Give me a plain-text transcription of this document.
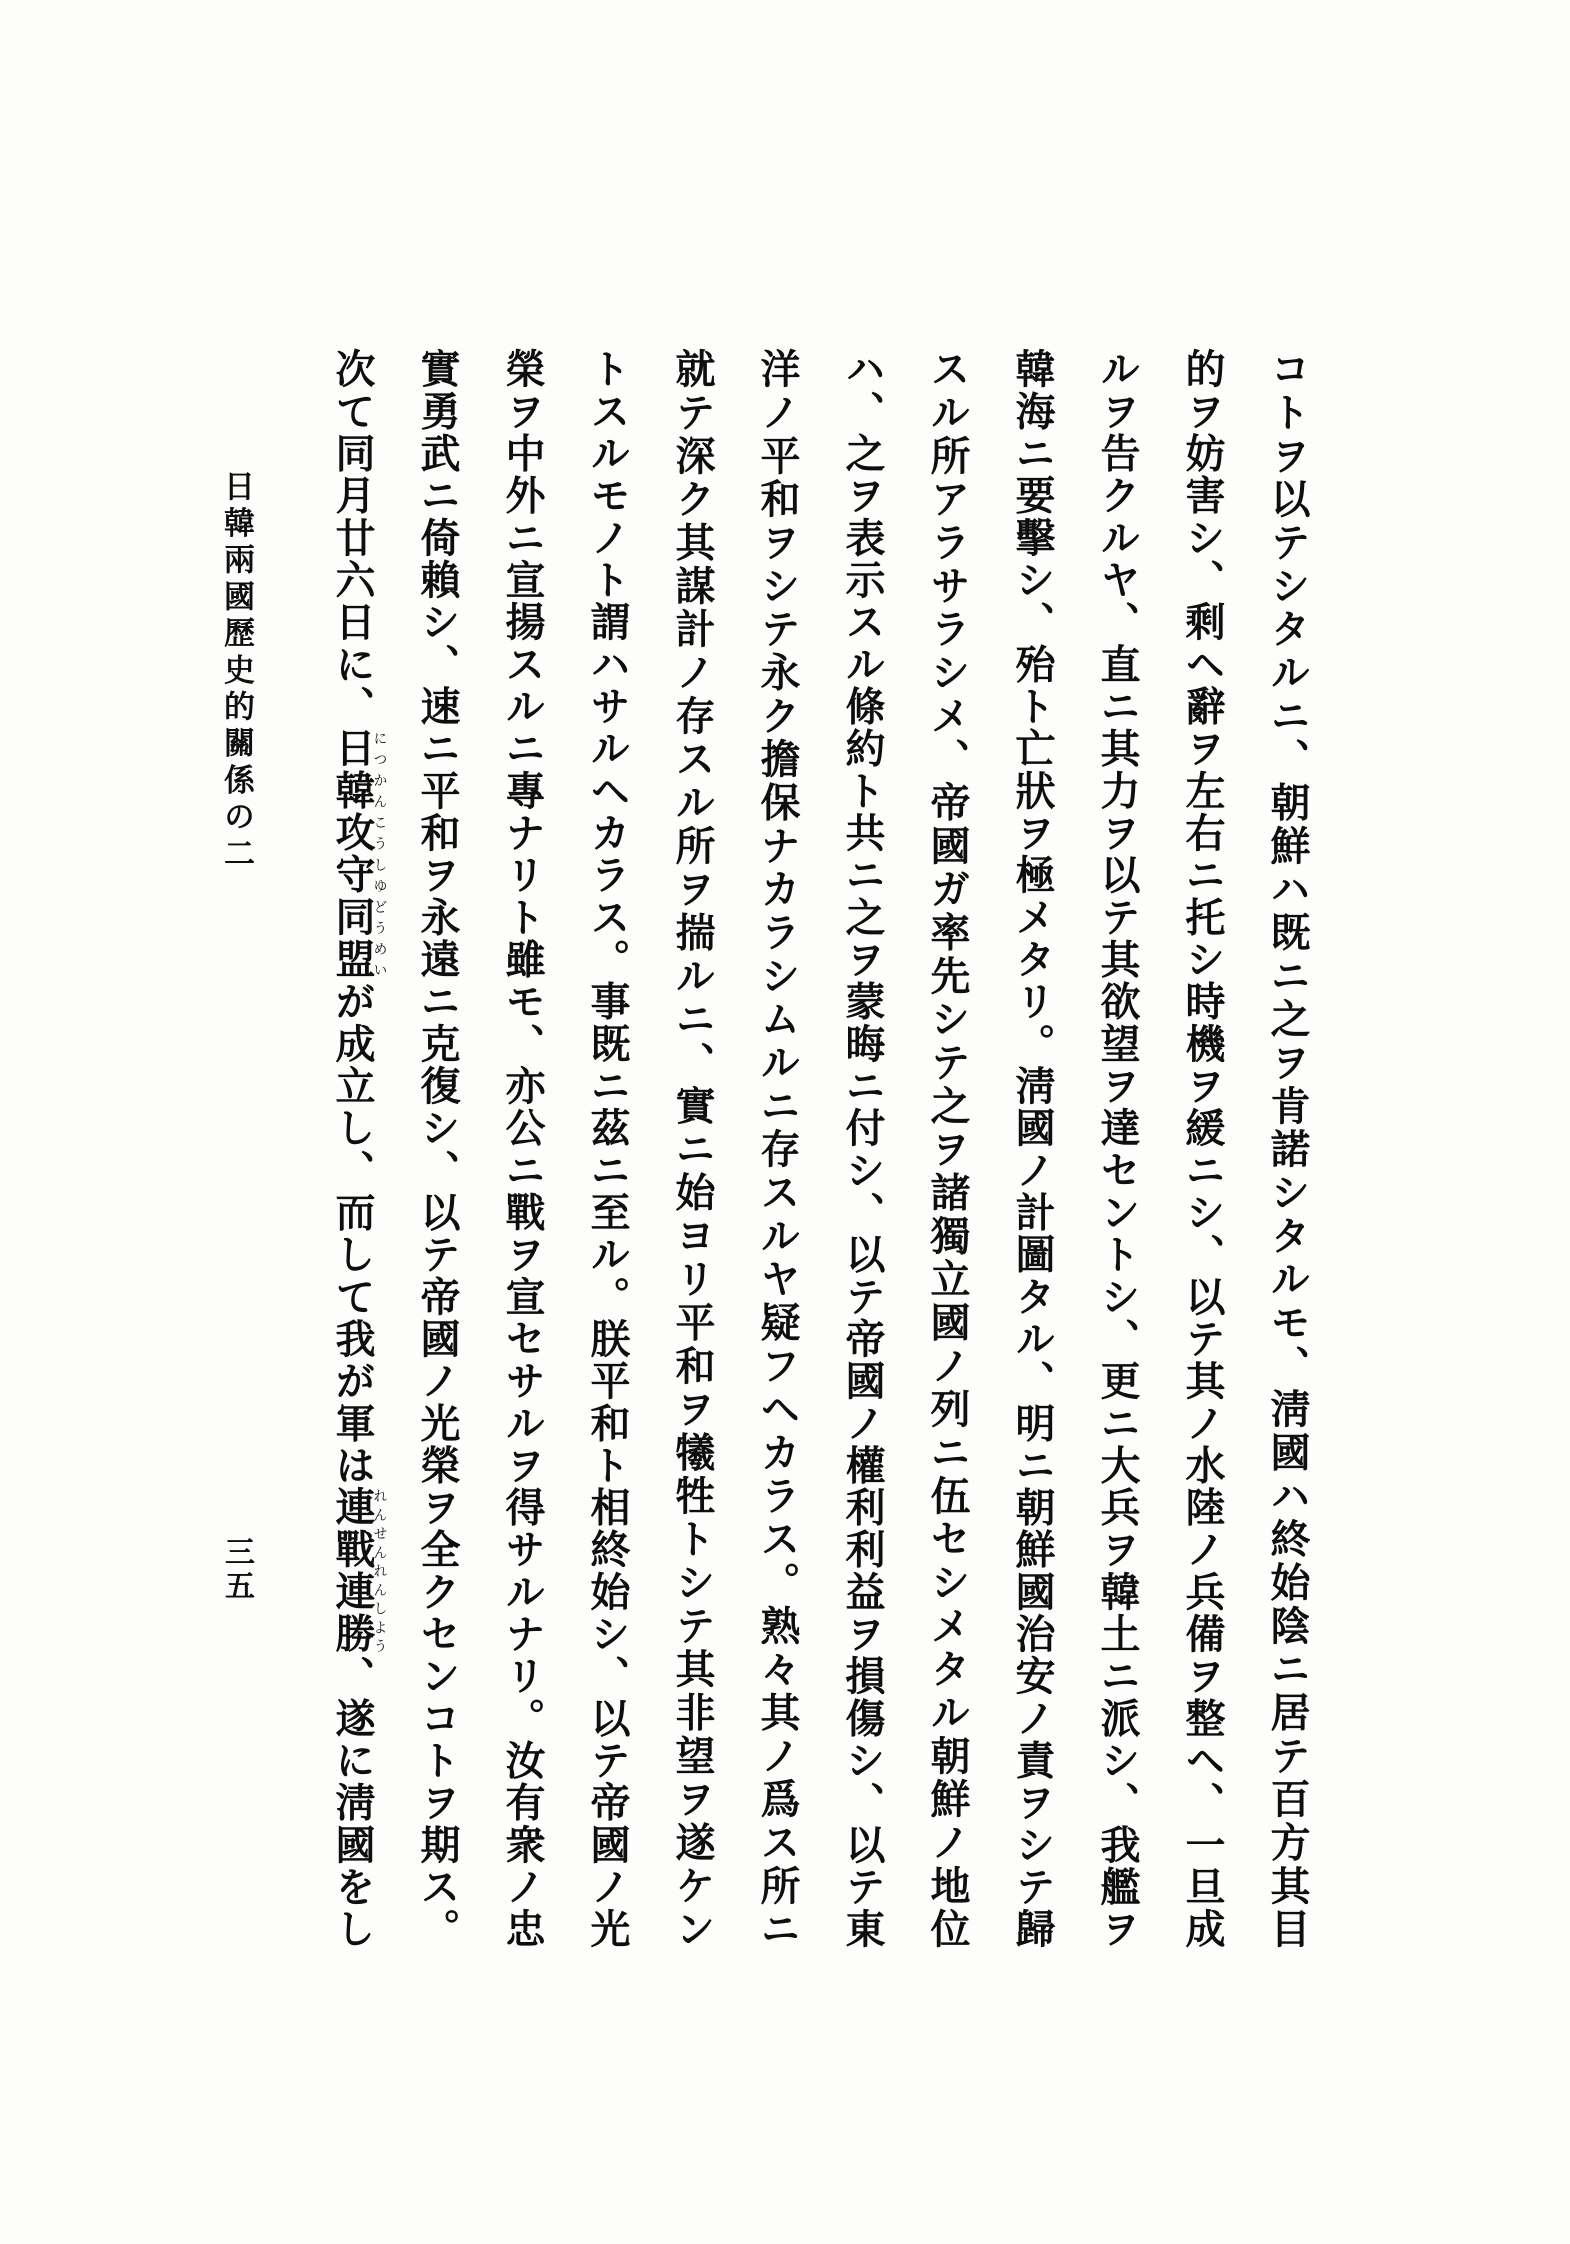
コトヲ以テシタルニ、朝鮮ハ既ニ之ヲ肯諾シタルモ、淸國ハ終始陰ニ居テ百方其目
的ヲ妨害シ、剩ヘ辭ヲ左右ニ托シ時機ヲ緩ニシ、以テ其ノ水陸ノ兵備ヲ整ヘ、一旦成
ルヲ告クルヤ、直ニ其力ヲ以テ其欲望ヲ達セントシ、更ニ大兵ヲ韓土ニ派シ、我艦ヲ
韓海ニ要擊シ、殆ト亡狀ヲ極メタリ。淸國ノ計圖タル、明ニ朝鮮國治安ノ責ヲシテ歸
スル所アラサラシメ、帝國ガ率先シテ之ヲ諸獨立國ノ列ニ伍セシメタル朝鮮ノ地位
ハ、之ヲ表示スル條約ト共ニ之ヲ蒙晦ニ付シ、以テ帝國ノ權利利益ヲ損傷シ、以テ東
洋ノ平和ヲシテ永ク擔保ナカラシムルニ存スルヤ疑フヘカラス。熟々其ノ爲ス所ニ
就テ深ク其謀計ノ存スル所ヲ揣ルニ、實ニ始ヨリ平和ヲ犧牲トシテ其非望ヲ遂ケン
トスルモノト謂ハサルヘカラス。事既ニ茲ニ至ル。朕平和ト相終始シ、以テ帝國ノ光
榮ヲ中外ニ宣揚スルニ專ナリト雖モ、亦公ニ戰ヲ宣セサルヲ得サルナリ。汝有衆ノ忠
實勇武ニ倚賴シ、速ニ平和ヲ永遠ニ克復シ、以テ帝國ノ光榮ヲ全クセンコトヲ期ス。
次て同月廿六日に、日韓攻守同盟につかんこうしゆどうめいが成立し、而して我が軍は連戰連勝れんせんれんしよう、遂に淸國をし
日韓兩國歷史的關係の二
三五
